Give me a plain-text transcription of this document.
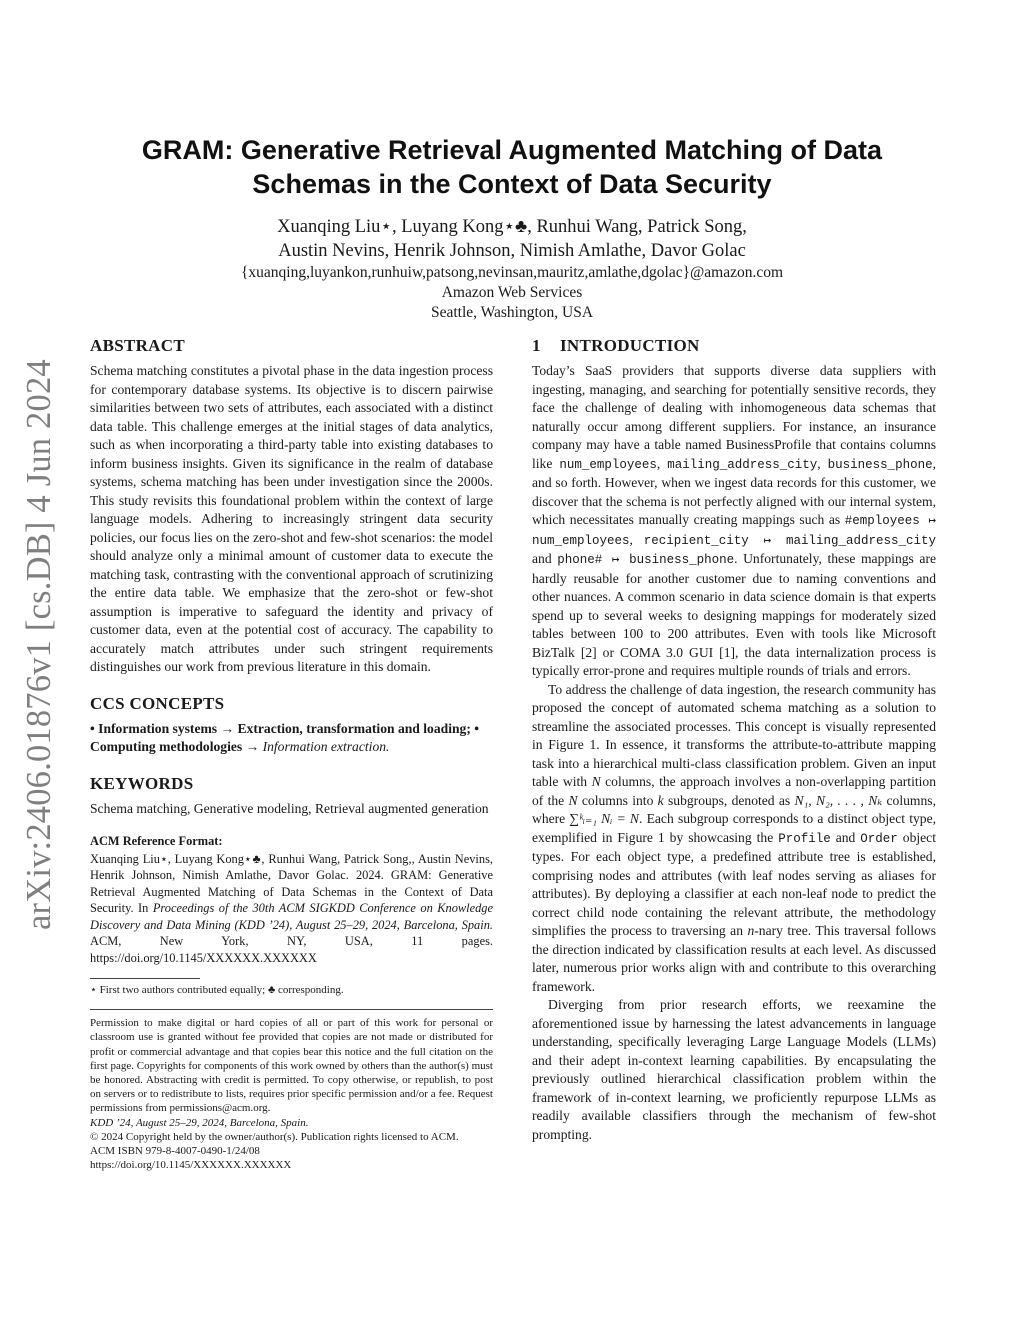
arXiv:2406.01876v1 [cs.DB] 4 Jun 2024
GRAM: Generative Retrieval Augmented Matching of Data
Schemas in the Context of Data Security
Xuanqing Liu⋆, Luyang Kong⋆♣, Runhui Wang, Patrick Song,
Austin Nevins, Henrik Johnson, Nimish Amlathe, Davor Golac
{xuanqing,luyankon,runhuiw,patsong,nevinsan,mauritz,amlathe,dgolac}@amazon.com
Amazon Web Services
Seattle, Washington, USA
ABSTRACT

Schema matching constitutes a pivotal phase in the data ingestion process for contemporary database systems. Its objective is to discern pairwise similarities between two sets of attributes, each associated with a distinct data table. This challenge emerges at the initial stages of data analytics, such as when incorporating a third-party table into existing databases to inform business insights. Given its significance in the realm of database systems, schema matching has been under investigation since the 2000s. This study revisits this foundational problem within the context of large language models. Adhering to increasingly stringent data security policies, our focus lies on the zero-shot and few-shot scenarios: the model should analyze only a minimal amount of customer data to execute the matching task, contrasting with the conventional approach of scrutinizing the entire data table. We emphasize that the zero-shot or few-shot assumption is imperative to safeguard the identity and privacy of customer data, even at the potential cost of accuracy. The capability to accurately match attributes under such stringent requirements distinguishes our work from previous literature in this domain.

CCS CONCEPTS

• Information systems → Extraction, transformation and loading; • Computing methodologies → Information extraction.

KEYWORDS

Schema matching, Generative modeling, Retrieval augmented generation

ACM Reference Format:

Xuanqing Liu⋆, Luyang Kong⋆♣, Runhui Wang, Patrick Song,, Austin Nevins, Henrik Johnson, Nimish Amlathe, Davor Golac. 2024. GRAM: Generative Retrieval Augmented Matching of Data Schemas in the Context of Data Security. In Proceedings of the 30th ACM SIGKDD Conference on Knowledge Discovery and Data Mining (KDD ’24), August 25–29, 2024, Barcelona, Spain. ACM, New York, NY, USA, 11 pages. https://doi.org/10.1145/XXXXXX.XXXXXX

⋆ First two authors contributed equally; ♣ corresponding.

Permission to make digital or hard copies of all or part of this work for personal or classroom use is granted without fee provided that copies are not made or distributed for profit or commercial advantage and that copies bear this notice and the full citation on the first page. Copyrights for components of this work owned by others than the author(s) must be honored. Abstracting with credit is permitted. To copy otherwise, or republish, to post on servers or to redistribute to lists, requires prior specific permission and/or a fee. Request permissions from permissions@acm.org.

KDD ’24, August 25–29, 2024, Barcelona, Spain.
© 2024 Copyright held by the owner/author(s). Publication rights licensed to ACM.
ACM ISBN 979-8-4007-0490-1/24/08
https://doi.org/10.1145/XXXXXX.XXXXXX
1 INTRODUCTION

Today’s SaaS providers that supports diverse data suppliers with ingesting, managing, and searching for potentially sensitive records, they face the challenge of dealing with inhomogeneous data schemas that naturally occur among different suppliers. For instance, an insurance company may have a table named BusinessProfile that contains columns like num_employees, mailing_address_city, business_phone, and so forth. However, when we ingest data records for this customer, we discover that the schema is not perfectly aligned with our internal system, which necessitates manually creating mappings such as #employees ↦ num_employees, recipient_city ↦ mailing_address_city and phone# ↦ business_phone. Unfortunately, these mappings are hardly reusable for another customer due to naming conventions and other nuances. A common scenario in data science domain is that experts spend up to several weeks to designing mappings for moderately sized tables between 100 to 200 attributes. Even with tools like Microsoft BizTalk [2] or COMA 3.0 GUI [1], the data internalization process is typically error-prone and requires multiple rounds of trials and errors.

To address the challenge of data ingestion, the research community has proposed the concept of automated schema matching as a solution to streamline the associated processes. This concept is visually represented in Figure 1. In essence, it transforms the attribute-to-attribute mapping task into a hierarchical multi-class classification problem. Given an input table with N columns, the approach involves a non-overlapping partition of the N columns into k subgroups, denoted as N₁, N₂, . . . , Nₖ columns, where ∑ᵏᵢ₌₁ Nᵢ = N. Each subgroup corresponds to a distinct object type, exemplified in Figure 1 by showcasing the Profile and Order object types. For each object type, a predefined attribute tree is established, comprising nodes and attributes (with leaf nodes serving as aliases for attributes). By deploying a classifier at each non-leaf node to predict the correct child node containing the relevant attribute, the methodology simplifies the process to traversing an n-nary tree. This traversal follows the direction indicated by classification results at each level. As discussed later, numerous prior works align with and contribute to this overarching framework.

Diverging from prior research efforts, we reexamine the aforementioned issue by harnessing the latest advancements in language understanding, specifically leveraging Large Language Models (LLMs) and their adept in-context learning capabilities. By encapsulating the previously outlined hierarchical classification problem within the framework of in-context learning, we proficiently repurpose LLMs as readily available classifiers through the mechanism of few-shot prompting.
